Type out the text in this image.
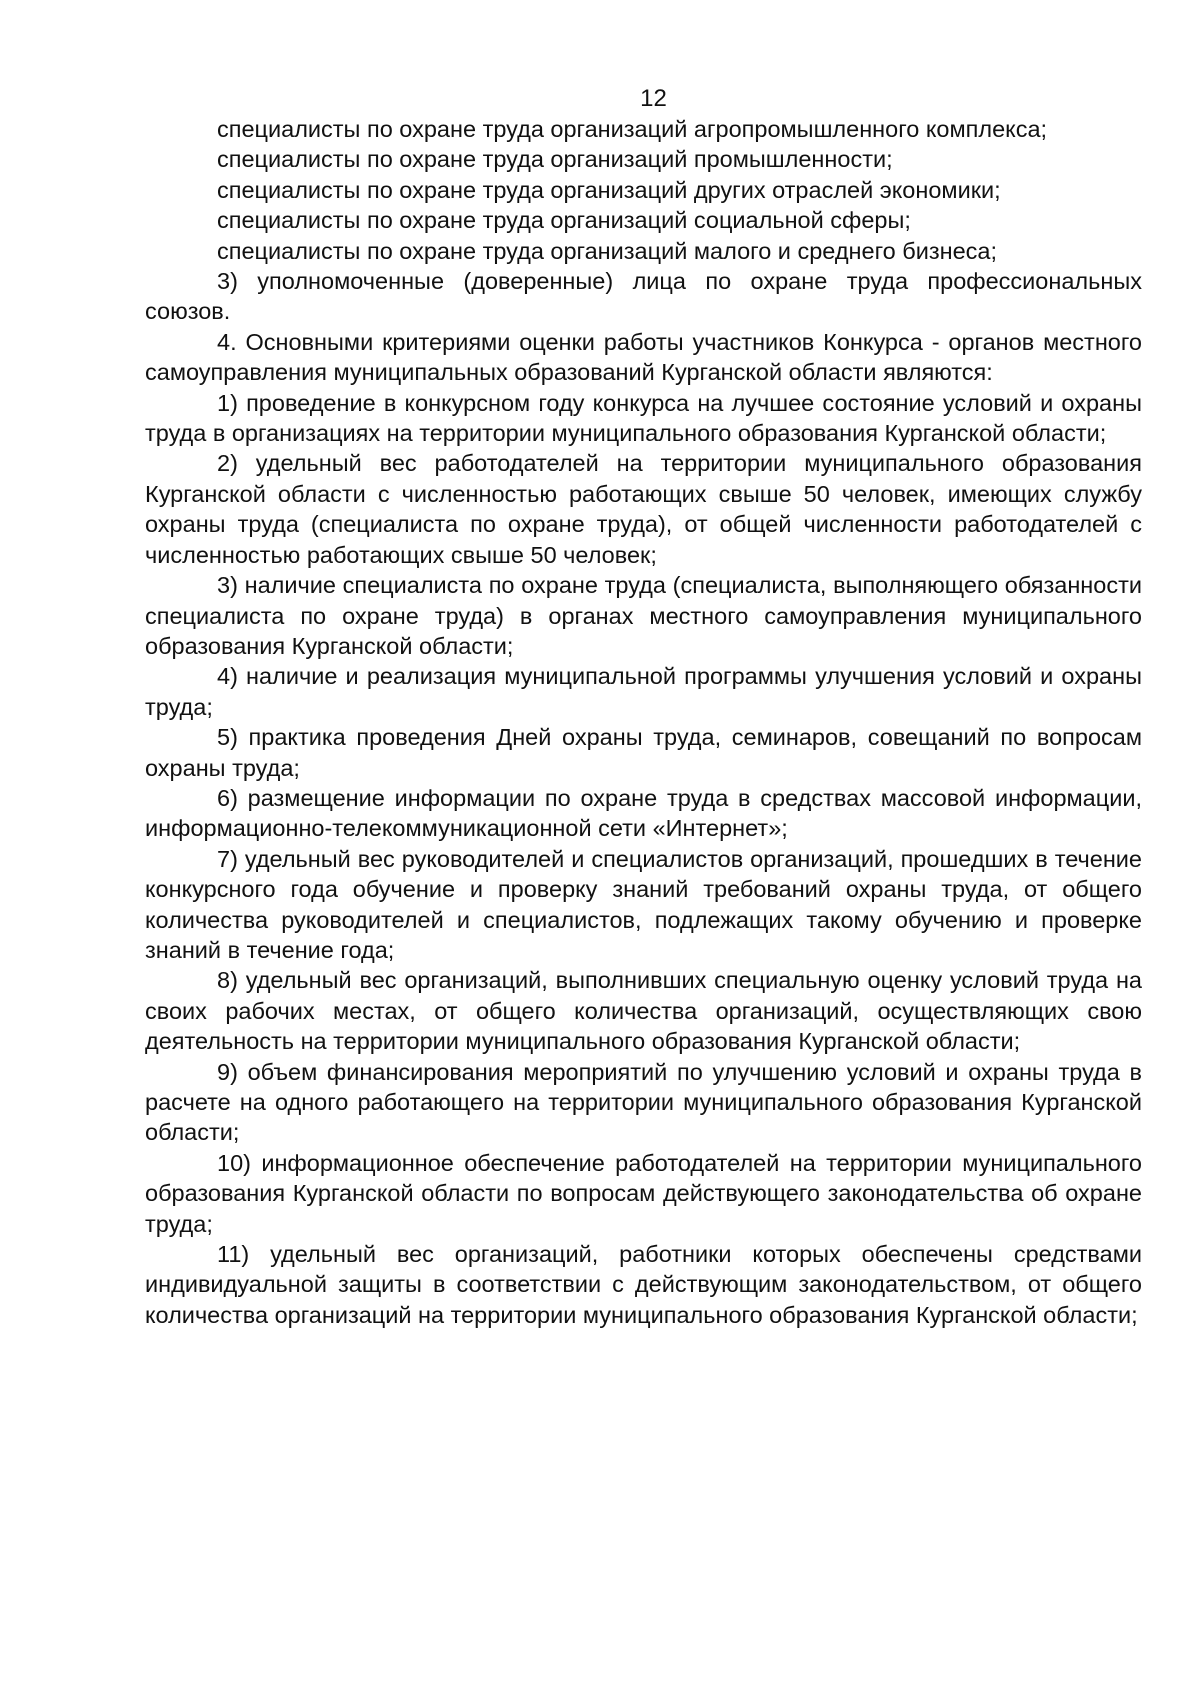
12

специалисты по охране труда организаций агропромышленного комплекса;

специалисты по охране труда организаций промышленности;

специалисты по охране труда организаций других отраслей экономики;

специалисты по охране труда организаций социальной сферы;

специалисты по охране труда организаций малого и среднего бизнеса;

3) уполномоченные (доверенные) лица по охране труда профессиональных союзов.

4. Основными критериями оценки работы участников Конкурса - органов местного самоуправления муниципальных образований Курганской области являются:

1) проведение в конкурсном году конкурса на лучшее состояние условий и охраны труда в организациях на территории муниципального образования Курганской области;

2) удельный вес работодателей на территории муниципального образования Курганской области с численностью работающих свыше 50 человек, имеющих службу охраны труда (специалиста по охране труда), от общей численности работодателей с численностью работающих свыше 50 человек;

3) наличие специалиста по охране труда (специалиста, выполняющего обязанности специалиста по охране труда) в органах местного самоуправления муниципального образования Курганской области;

4) наличие и реализация муниципальной программы улучшения условий и охраны труда;

5) практика проведения Дней охраны труда, семинаров, совещаний по вопросам охраны труда;

6) размещение информации по охране труда в средствах массовой информации, информационно-телекоммуникационной сети «Интернет»;

7) удельный вес руководителей и специалистов организаций, прошедших в течение конкурсного года обучение и проверку знаний требований охраны труда, от общего количества руководителей и специалистов, подлежащих такому обучению и проверке знаний в течение года;

8) удельный вес организаций, выполнивших специальную оценку условий труда на своих рабочих местах, от общего количества организаций, осуществляющих свою деятельность на территории муниципального образования Курганской области;

9) объем финансирования мероприятий по улучшению условий и охраны труда в расчете на одного работающего на территории муниципального образования Курганской области;

10) информационное обеспечение работодателей на территории муниципального образования Курганской области по вопросам действующего законодательства об охране труда;

11) удельный вес организаций, работники которых обеспечены средствами индивидуальной защиты в соответствии с действующим законодательством, от общего количества организаций на территории муниципального образования Курганской области;
